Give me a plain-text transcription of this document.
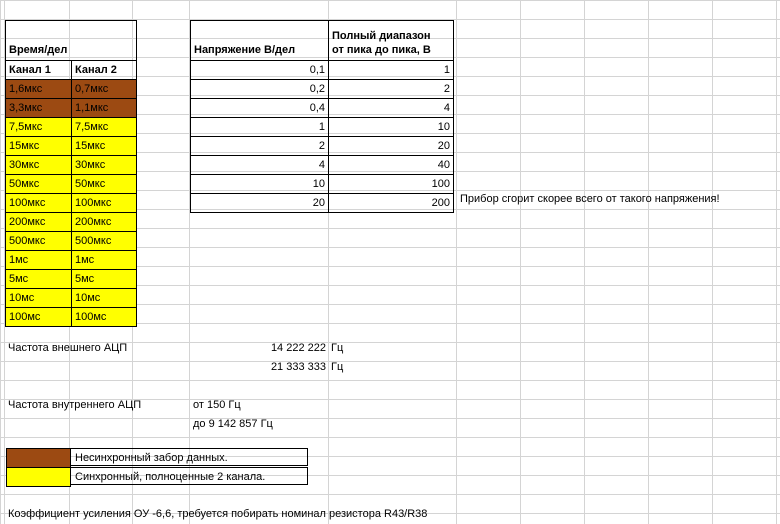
Время/дел	
Канал 1	Канал 2
1,6мкс	0,7мкс
3,3мкс	1,1мкс
7,5мкс	7,5мкс
15мкс	15мкс
30мкс	30мкс
50мкс	50мкс
100мкс	100мкс
200мкс	200мкс
500мкс	500мкс
1мс	1мс
5мс	5мс
10мс	10мс
100мс	100мс
Напряжение В/дел	Полный диапазон
от пика до пика, В
0,1	1
0,2	2
0,4	4
1	10
2	20
4	40
10	100
20	200 Прибор сгорит скорее всего от такого напряжения!
Частота внешнего АЦП	14 222 222 Гц
21 333 333 Гц
Частота внутреннего АЦП	от 150 Гц
до 9 142 857 Гц
Несинхронный забор данных.
Синхронный, полноценные 2 канала.
Коэффициент усиления ОУ -6,6, требуется побирать номинал резистора R43/R38
